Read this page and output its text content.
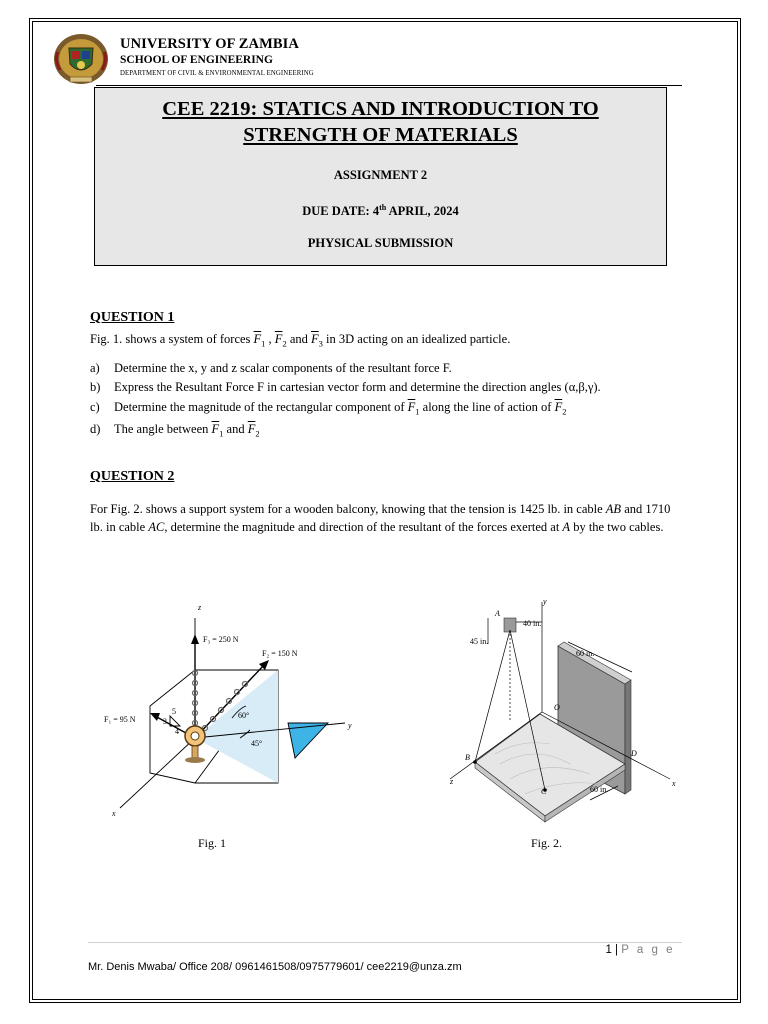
UNIVERSITY OF ZAMBIA
SCHOOL OF ENGINEERING
DEPARTMENT OF CIVIL & ENVIRONMENTAL ENGINEERING
CEE 2219: STATICS AND INTRODUCTION TO STRENGTH OF MATERIALS
ASSIGNMENT 2
DUE DATE: 4th APRIL, 2024
PHYSICAL SUBMISSION
QUESTION 1
Fig. 1. shows a system of forces $\overline{F}_1$ , $\overline{F}_2$ and $\overline{F}_3$ in 3D acting on an idealized particle.
a) Determine the x, y and z scalar components of the resultant force F.
b) Express the Resultant Force F in cartesian vector form and determine the direction angles (α,β,γ).
c) Determine the magnitude of the rectangular component of $\overline{F}_1$ along the line of action of $\overline{F}_2$
d) The angle between $\overline{F}_1$ and $\overline{F}_2$
QUESTION 2
For Fig. 2. shows a support system for a wooden balcony, knowing that the tension is 1425 lb. in cable AB and 1710 lb. in cable AC, determine the magnitude and direction of the resultant of the forces exerted at A by the two cables.
F₃ = 250 N
F₂ = 150 N
F₁ = 95 N	60°
45°
5
3
4
z
y
x
Fig. 1
A
B
C
D
O
40 in.
45 in.
60 in.
60 in.
y
z	x
Fig. 2.
1 | P a g e
Mr. Denis Mwaba/ Office 208/ 0961461508/0975779601/ cee2219@unza.zm
